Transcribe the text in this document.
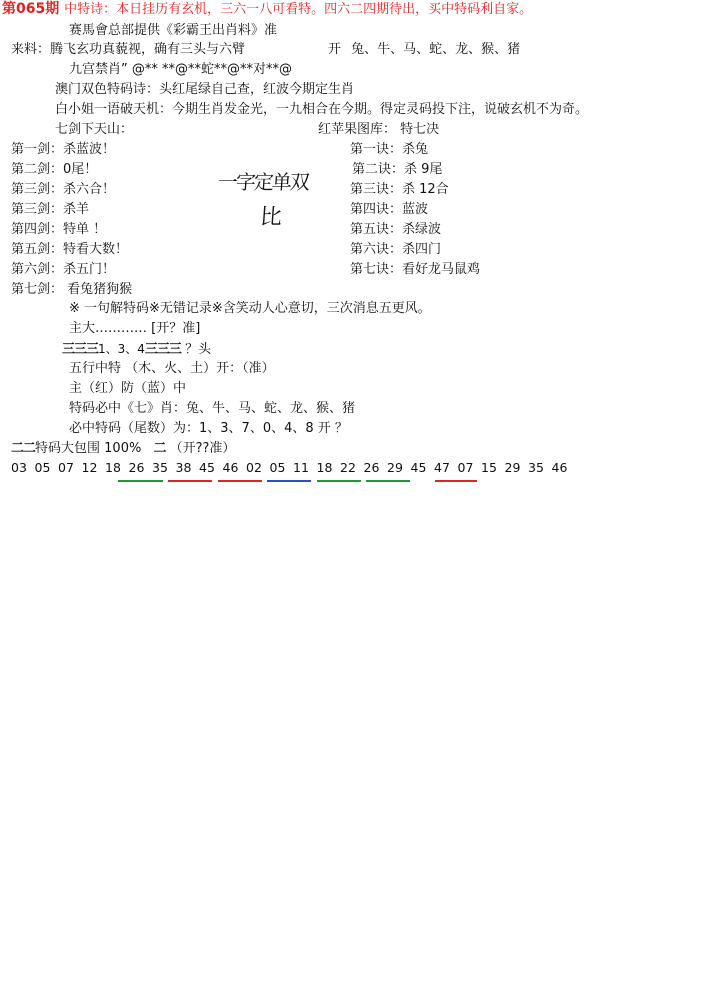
第065期 中特诗：本日挂历有玄机，三六一八可看特。四六二四期待出，买中特码利自家。
赛馬會总部提供《彩霸王出肖料》准
来料：腾飞玄功真藐视，确有三头与六臂	开 兔、牛、马、蛇、龙、猴、猪
九宫禁肖” @** **@**蛇**@**对**@
澳门双色特码诗：头红尾绿自己查，红波今期定生肖
白小姐一语破天机：今期生肖发金光，一九相合在今期。得定灵码投下注，说破玄机不为奇。
七剑下天山：	红苹果图库： 特七决
第一剑：杀蓝波！
第二剑：0尾！
第三剑：杀六合！
第三剑：杀羊
第四剑：特单 ！
第五剑：特看大数！
第六剑：杀五门！
第七剑： 看兔猪狗猴
第一诀：杀兔
第二诀：杀 9尾
第三诀：杀 12合
第四诀：蓝波
第五诀：杀绿波
第六诀：杀四门
第七诀：看好龙马鼠鸡
一字定单双
比
※ 一句解特码※无错记录※含笑动人心意切，三次消息五更风。
主大………… [开？准]
三三三1、3、4三三三 ？头
五行中特 （木、火、土）开：（准）
主（红）防（蓝）中
特码必中《七》肖：兔、牛、马、蛇、龙、猴、猪
必中特码（尾数）为：1、3、7、0、4、8 开 ？
二二特码大包围 100% 二 （开??准）
03 05 07 12 18 26 35 38 45 46 02 05 11 18 22 26 29 45 47 07 15 29 35 46
